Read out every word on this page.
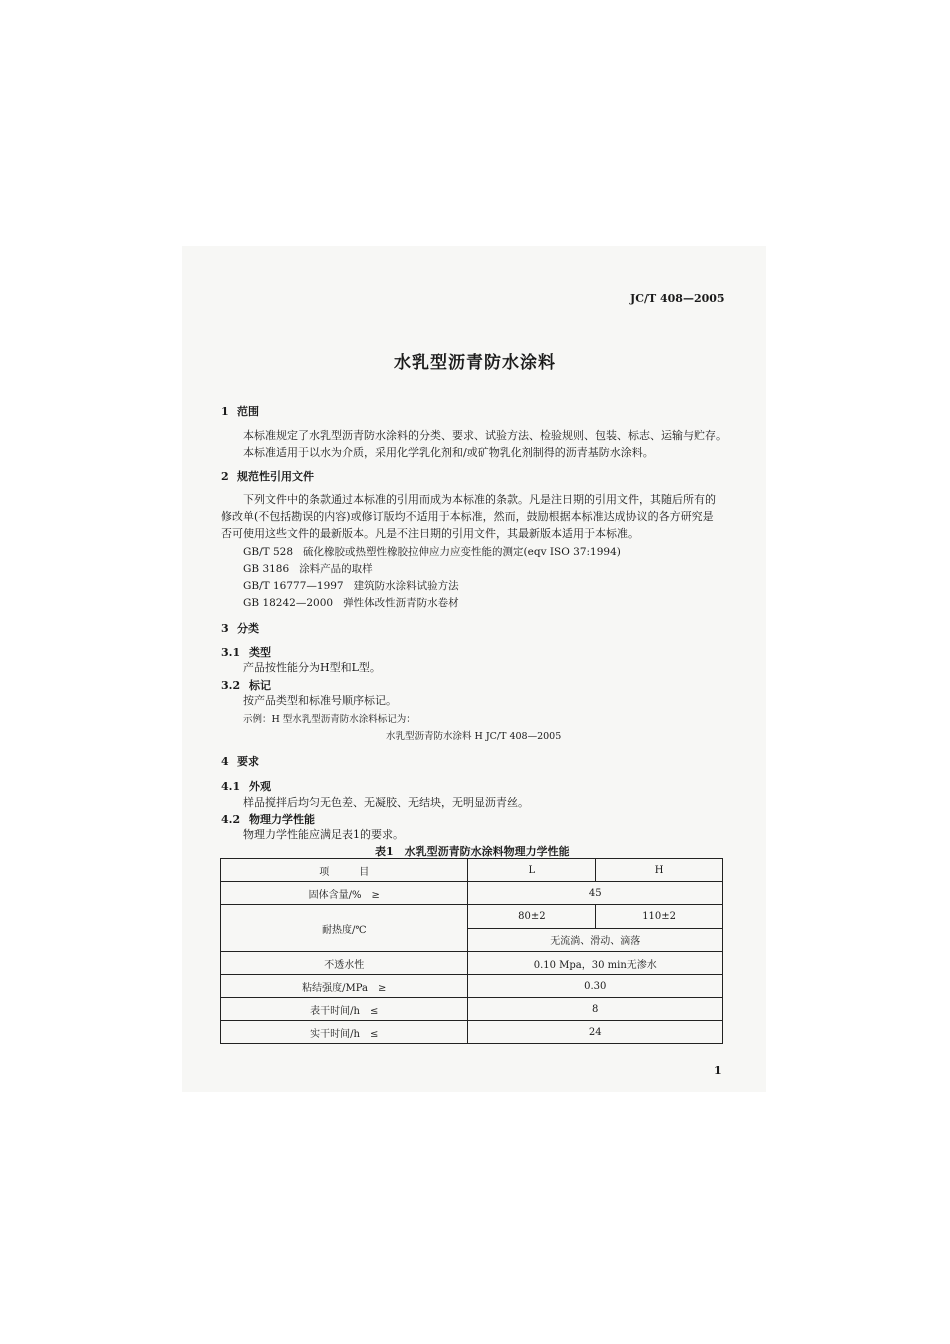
JC/T 408—2005
水乳型沥青防水涂料
1 范围
本标准规定了水乳型沥青防水涂料的分类、要求、试验方法、检验规则、包装、标志、运输与贮存。
本标准适用于以水为介质，采用化学乳化剂和/或矿物乳化剂制得的沥青基防水涂料。
2 规范性引用文件
下列文件中的条款通过本标准的引用而成为本标准的条款。凡是注日期的引用文件，其随后所有的
修改单(不包括勘误的内容)或修订版均不适用于本标准，然而，鼓励根据本标准达成协议的各方研究是
否可使用这些文件的最新版本。凡是不注日期的引用文件，其最新版本适用于本标准。
GB/T 528 硫化橡胶或热塑性橡胶拉伸应力应变性能的测定(eqv ISO 37:1994)
GB 3186 涂料产品的取样
GB/T 16777—1997 建筑防水涂料试验方法
GB 18242—2000 弹性体改性沥青防水卷材
3 分类
3.1 类型
产品按性能分为H型和L型。
3.2 标记
按产品类型和标准号顺序标记。
示例：H 型水乳型沥青防水涂料标记为：
水乳型沥青防水涂料 H JC/T 408—2005
4 要求
4.1 外观
样品搅拌后均匀无色差、无凝胶、无结块，无明显沥青丝。
4.2 物理力学性能
物理力学性能应满足表1的要求。
表1　水乳型沥青防水涂料物理力学性能
项　　　目	L	H
固体含量/%　≥	45	
耐热度/℃	80±2	110±2
	无流淌、滑动、滴落	
不透水性	0.10 Mpa，30 min无渗水	
粘结强度/MPa　≥	0.30	
表干时间/h　≤	8	
实干时间/h　≤	24	
1
